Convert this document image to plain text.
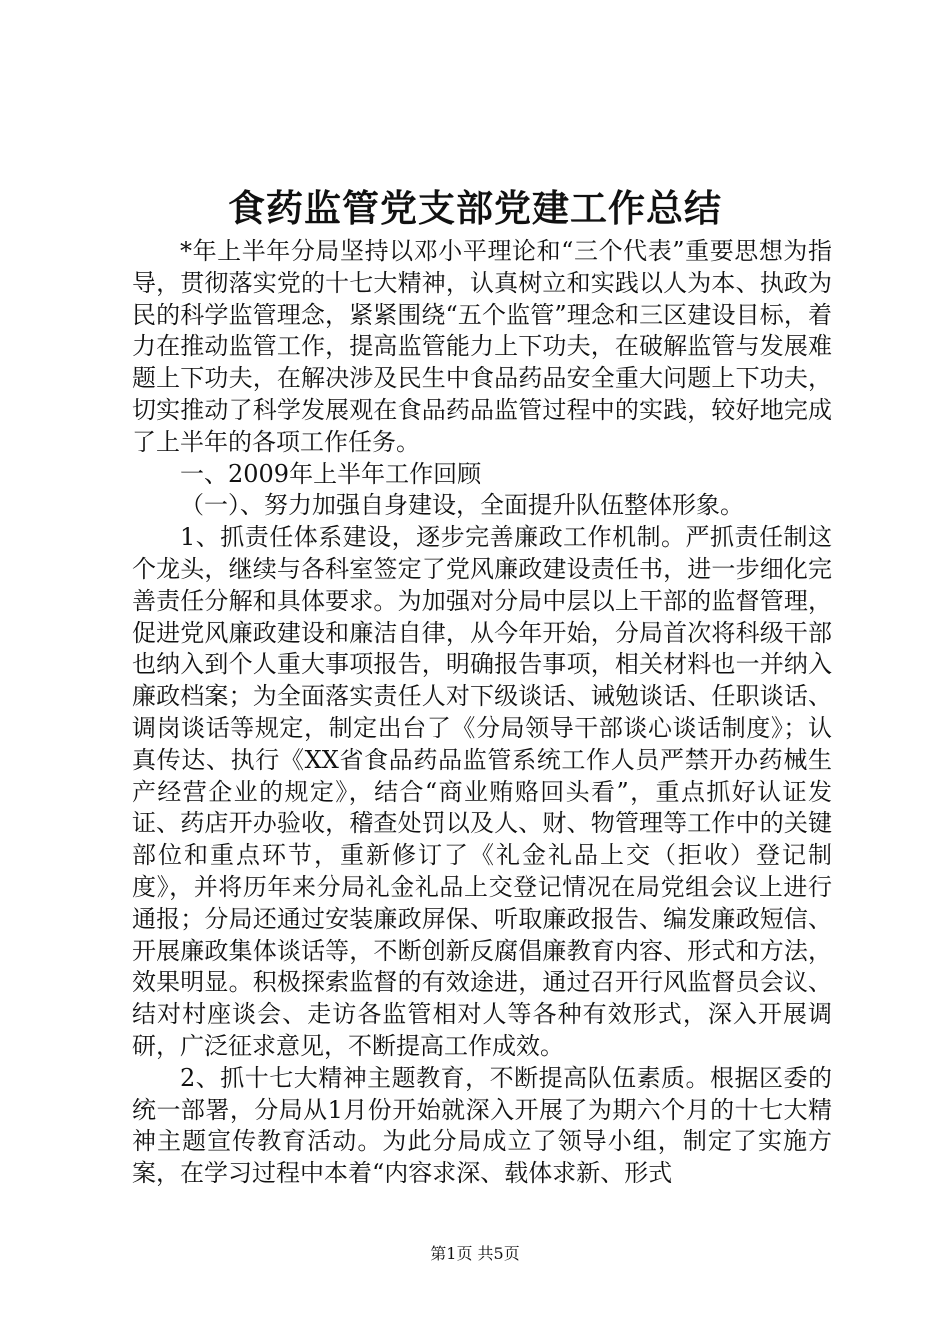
食药监管党支部党建工作总结

*年上半年分局坚持以邓小平理论和“三个代表”重要思想为指导，贯彻落实党的十七大精神，认真树立和实践以人为本、执政为民的科学监管理念，紧紧围绕“五个监管”理念和三区建设目标，着力在推动监管工作，提高监管能力上下功夫，在破解监管与发展难题上下功夫，在解决涉及民生中食品药品安全重大问题上下功夫，切实推动了科学发展观在食品药品监管过程中的实践，较好地完成了上半年的各项工作任务。

一、2009年上半年工作回顾

（一）、努力加强自身建设，全面提升队伍整体形象。

1、抓责任体系建设，逐步完善廉政工作机制。严抓责任制这个龙头，继续与各科室签定了党风廉政建设责任书，进一步细化完善责任分解和具体要求。为加强对分局中层以上干部的监督管理，促进党风廉政建设和廉洁自律，从今年开始，分局首次将科级干部也纳入到个人重大事项报告，明确报告事项，相关材料也一并纳入廉政档案；为全面落实责任人对下级谈话、诫勉谈话、任职谈话、调岗谈话等规定，制定出台了《分局领导干部谈心谈话制度》；认真传达、执行《XX省食品药品监管系统工作人员严禁开办药械生产经营企业的规定》，结合“商业贿赂回头看”，重点抓好认证发证、药店开办验收，稽查处罚以及人、财、物管理等工作中的关键部位和重点环节，重新修订了《礼金礼品上交（拒收）登记制度》，并将历年来分局礼金礼品上交登记情况在局党组会议上进行通报；分局还通过安装廉政屏保、听取廉政报告、编发廉政短信、开展廉政集体谈话等，不断创新反腐倡廉教育内容、形式和方法，效果明显。积极探索监督的有效途进，通过召开行风监督员会议、结对村座谈会、走访各监管相对人等各种有效形式，深入开展调研，广泛征求意见，不断提高工作成效。

2、抓十七大精神主题教育，不断提高队伍素质。根据区委的统一部署，分局从1月份开始就深入开展了为期六个月的十七大精神主题宣传教育活动。为此分局成立了领导小组，制定了实施方案，在学习过程中本着“内容求深、载体求新、形式

第1页 共5页
